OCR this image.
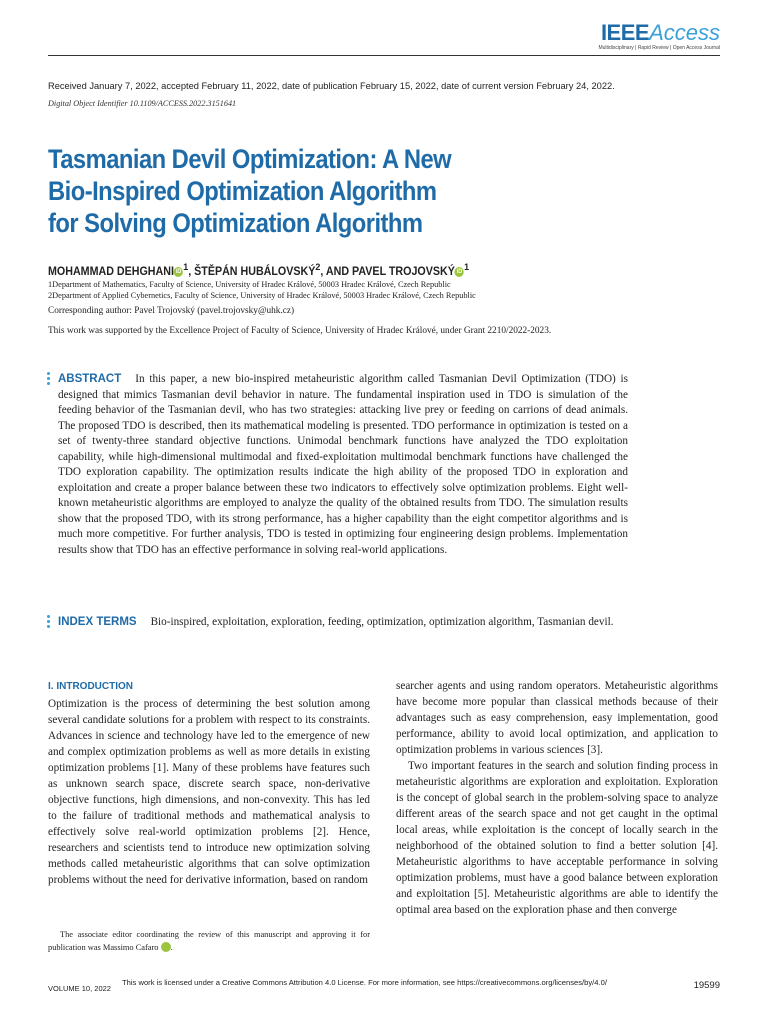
IEEEAccess
Multidisciplinary | Rapid Review | Open Access Journal
Received January 7, 2022, accepted February 11, 2022, date of publication February 15, 2022, date of current version February 24, 2022.
Digital Object Identifier 10.1109/ACCESS.2022.3151641
Tasmanian Devil Optimization: A New
Bio-Inspired Optimization Algorithm
for Solving Optimization Algorithm
MOHAMMAD DEHGHANI iD $^1$, ŠTĚPÁN HUBÁLOVSKÝ$^2$, AND PAVEL TROJOVSKÝ iD $^1$
1Department of Mathematics, Faculty of Science, University of Hradec Králové, 50003 Hradec Králové, Czech Republic
2Department of Applied Cybernetics, Faculty of Science, University of Hradec Králové, 50003 Hradec Králové, Czech Republic
Corresponding author: Pavel Trojovský (pavel.trojovsky@uhk.cz)
This work was supported by the Excellence Project of Faculty of Science, University of Hradec Králové, under Grant 2210/2022-2023.
ABSTRACT In this paper, a new bio-inspired metaheuristic algorithm called Tasmanian Devil Optimization (TDO) is designed that mimics Tasmanian devil behavior in nature. The fundamental inspiration used in TDO is simulation of the feeding behavior of the Tasmanian devil, who has two strategies: attacking live prey or feeding on carrions of dead animals. The proposed TDO is described, then its mathematical modeling is presented. TDO performance in optimization is tested on a set of twenty-three standard objective functions. Unimodal benchmark functions have analyzed the TDO exploitation capability, while high-dimensional multimodal and fixed-exploitation multimodal benchmark functions have challenged the TDO exploration capability. The optimization results indicate the high ability of the proposed TDO in exploration and exploitation and create a proper balance between these two indicators to effectively solve optimization problems. Eight well-known metaheuristic algorithms are employed to analyze the quality of the obtained results from TDO. The simulation results show that the proposed TDO, with its strong performance, has a higher capability than the eight competitor algorithms and is much more competitive. For further analysis, TDO is tested in optimizing four engineering design problems. Implementation results show that TDO has an effective performance in solving real-world applications.
INDEX TERMS Bio-inspired, exploitation, exploration, feeding, optimization, optimization algorithm, Tasmanian devil.
I. INTRODUCTION

Optimization is the process of determining the best solution among several candidate solutions for a problem with respect to its constraints. Advances in science and technology have led to the emergence of new and complex optimization problems as well as more details in existing optimization problems [1]. Many of these problems have features such as unknown search space, discrete search space, non-derivative objective functions, high dimensions, and non-convexity. This has led to the failure of traditional methods and mathematical analysis to effectively solve real-world optimization problems [2]. Hence, researchers and scientists tend to introduce new optimization solving methods called metaheuristic algorithms that can solve optimization problems without the need for derivative information, based on random

searcher agents and using random operators. Metaheuristic algorithms have become more popular than classical methods because of their advantages such as easy comprehension, easy implementation, good performance, ability to avoid local optimization, and application to optimization problems in various sciences [3].

Two important features in the search and solution finding process in metaheuristic algorithms are exploration and exploitation. Exploration is the concept of global search in the problem-solving space to analyze different areas of the search space and not get caught in the optimal local areas, while exploitation is the concept of locally search in the neighborhood of the obtained solution to find a better solution [4]. Metaheuristic algorithms to have acceptable performance in solving optimization problems, must have a good balance between exploration and exploitation [5]. Metaheuristic algorithms are able to identify the optimal area based on the exploration phase and then converge

The associate editor coordinating the review of this manuscript and approving it for publication was Massimo Cafaro iD.

VOLUME 10, 2022
This work is licensed under a Creative Commons Attribution 4.0 License. For more information, see https://creativecommons.org/licenses/by/4.0/	19599
